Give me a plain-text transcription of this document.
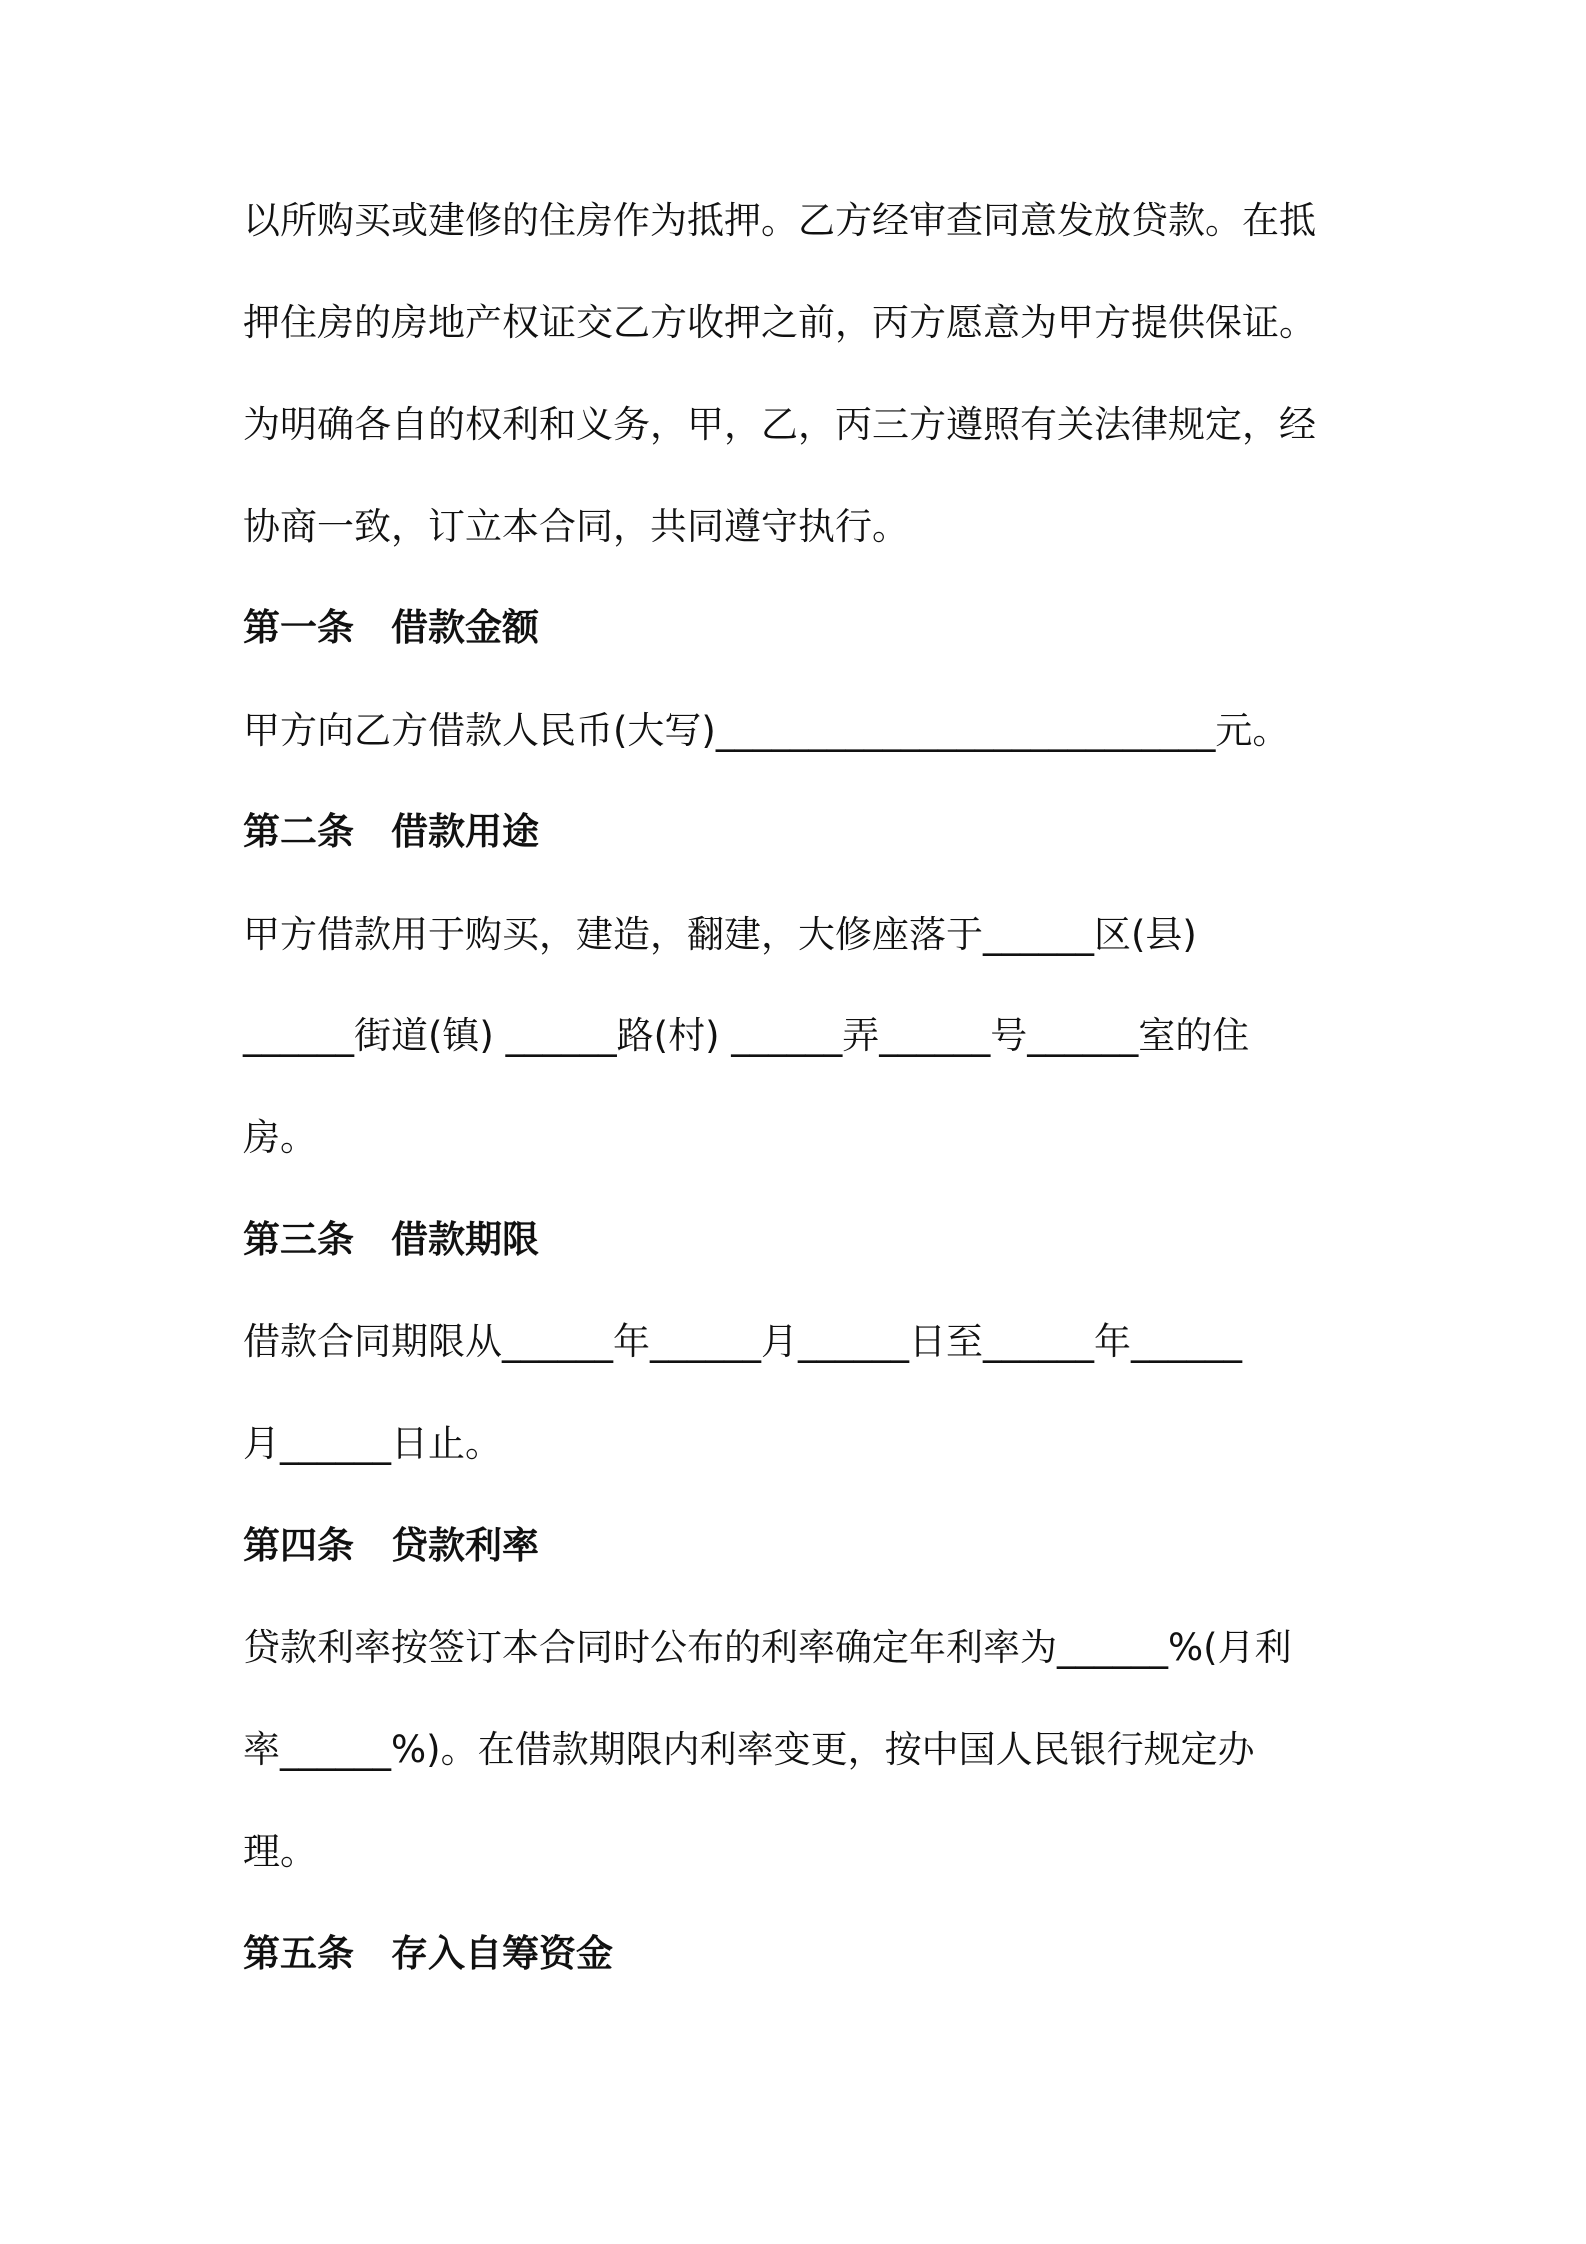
以所购买或建修的住房作为抵押。乙方经审查同意发放贷款。在抵
押住房的房地产权证交乙方收押之前，丙方愿意为甲方提供保证。
为明确各自的权利和义务，甲，乙，丙三方遵照有关法律规定，经
协商一致，订立本合同，共同遵守执行。
第一条　借款金额
甲方向乙方借款人民币(大写)___________________________元。
第二条　借款用途
甲方借款用于购买，建造，翻建，大修座落于______区(县)
______街道(镇) ______路(村) ______弄______号______室的住
房。
第三条　借款期限
借款合同期限从______年______月______日至______年______
月______日止。
第四条　贷款利率
贷款利率按签订本合同时公布的利率确定年利率为______%(月利
率______%)。在借款期限内利率变更，按中国人民银行规定办
理。
第五条　存入自筹资金
